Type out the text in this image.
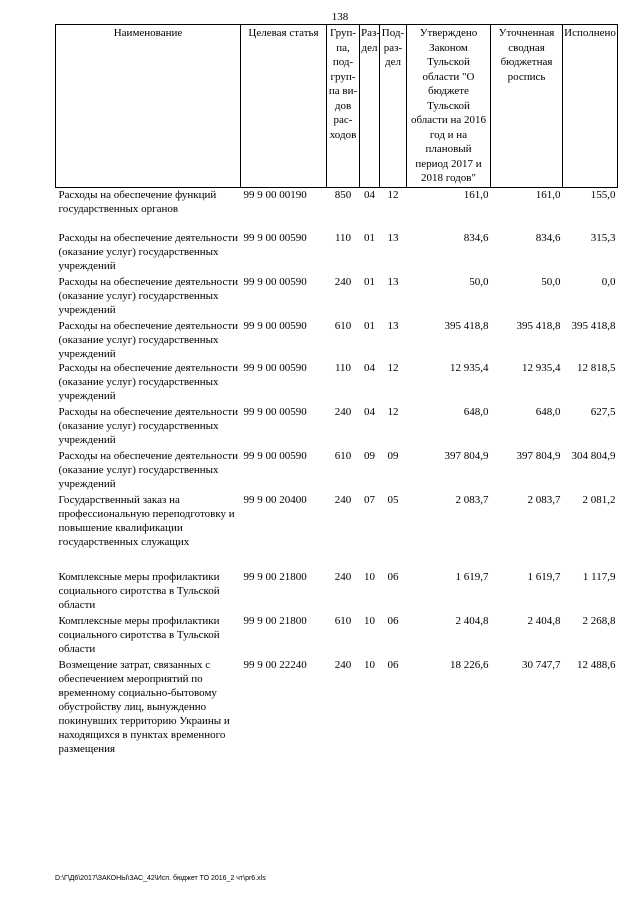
138
Наименование	Целевая статья	Груп-па, под-груп-па ви-дов рас-ходов	Раз-дел	Под-раз-дел	Утверждено Законом Тульской области "О бюджете Тульской области на 2016 год и на плановый период 2017 и 2018 годов"	Уточненная сводная бюджетная роспись	Исполнено
Расходы на обеспечение функций государственных органов	99 9 00 00190	850	04	12	161,0	161,0	155,0
Расходы на обеспечение деятельности (оказание услуг) государственных учреждений	99 9 00 00590	110	01	13	834,6	834,6	315,3
Расходы на обеспечение деятельности (оказание услуг) государственных учреждений	99 9 00 00590	240	01	13	50,0	50,0	0,0
Расходы на обеспечение деятельности (оказание услуг) государственных учреждений	99 9 00 00590	610	01	13	395 418,8	395 418,8	395 418,8
Расходы на обеспечение деятельности (оказание услуг) государственных учреждений	99 9 00 00590	110	04	12	12 935,4	12 935,4	12 818,5
Расходы на обеспечение деятельности (оказание услуг) государственных учреждений	99 9 00 00590	240	04	12	648,0	648,0	627,5
Расходы на обеспечение деятельности (оказание услуг) государственных учреждений	99 9 00 00590	610	09	09	397 804,9	397 804,9	304 804,9
Государственный заказ на профессиональную переподготовку и повышение квалификации государственных служащих	99 9 00 20400	240	07	05	2 083,7	2 083,7	2 081,2
Комплексные меры профилактики социального сиротства в Тульской области	99 9 00 21800	240	10	06	1 619,7	1 619,7	1 117,9
Комплексные меры профилактики социального сиротства в Тульской области	99 9 00 21800	610	10	06	2 404,8	2 404,8	2 268,8
Возмещение затрат, связанных с обеспечением мероприятий по временному социально-бытовому обустройству лиц, вынужденно покинувших территорию Украины и находящихся в пунктах временного размещения	99 9 00 22240	240	10	06	18 226,6	30 747,7	12 488,6
D:\Г\Д6\2017\ЗАКОНЫ\ЗАС_42\Исп. бюджет ТО 2016_2 чт\pr6.xls
